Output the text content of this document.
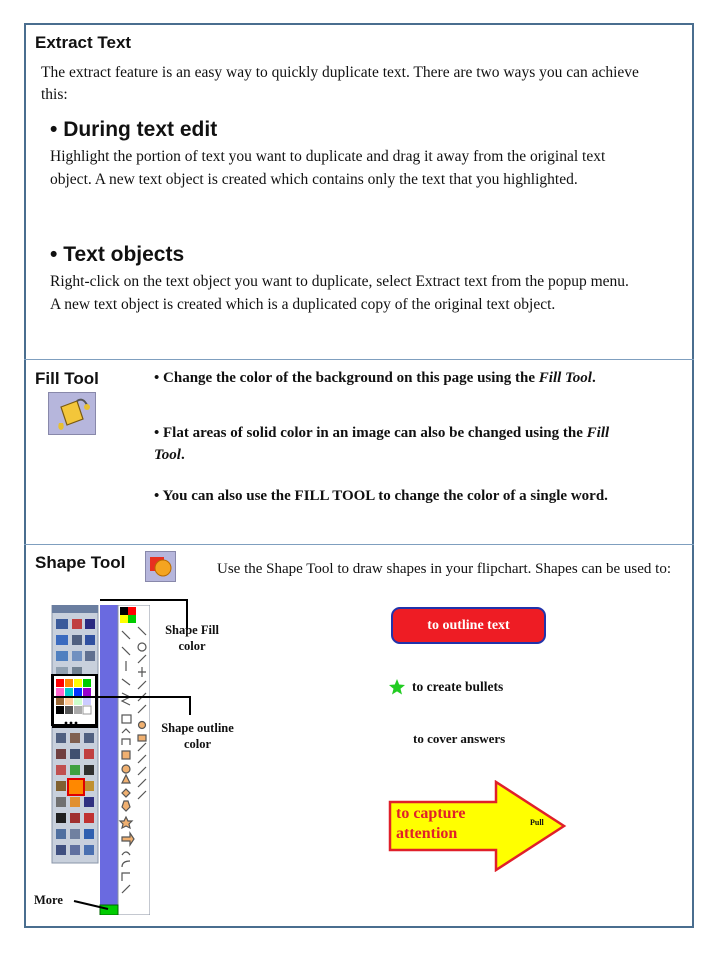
Extract Text
The extract feature is an easy way to quickly duplicate text. There are two ways you can achieve this:
• During text edit
Highlight the portion of text you want to duplicate and drag it away from the original text object. A new text object is created which contains only the text that you highlighted.
• Text objects
Right-click on the text object you want to duplicate, select Extract text from the popup menu. A new text object is created which is a duplicated copy of the original text object.
Fill Tool	• Change the color of the background on this page using the Fill Tool.
• Flat areas of solid color in an image can also be changed using the Fill Tool.
• You can also use the FILL TOOL to change the color of a single word.
Shape Tool	Use the Shape Tool to draw shapes in your flipchart. Shapes can be used to:
Shape Fill color
Shape outline color
More
to outline text
to create bullets
to cover answers
to capture attention
Pull
